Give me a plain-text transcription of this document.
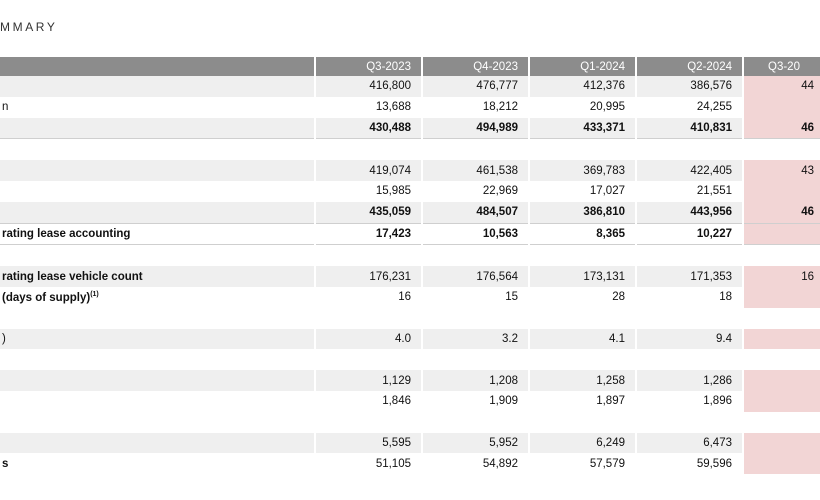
MMARY
	Q3-2023	Q4-2023	Q1-2024	Q2-2024	Q3-20
	416,800	476,777	412,376	386,576	44
n	13,688	18,212	20,995	24,255	
	430,488	494,989	433,371	410,831	46

	419,074	461,538	369,783	422,405	43
	15,985	22,969	17,027	21,551	
	435,059	484,507	386,810	443,956	46
rating lease accounting	17,423	10,563	8,365	10,227	

rating lease vehicle count	176,231	176,564	173,131	171,353	16
(days of supply)$^{(1)}$	16	15	28	18	

)	4.0	3.2	4.1	9.4	

	1,129	1,208	1,258	1,286	
	1,846	1,909	1,897	1,896	

	5,595	5,952	6,249	6,473	
s	51,105	54,892	57,579	59,596	
